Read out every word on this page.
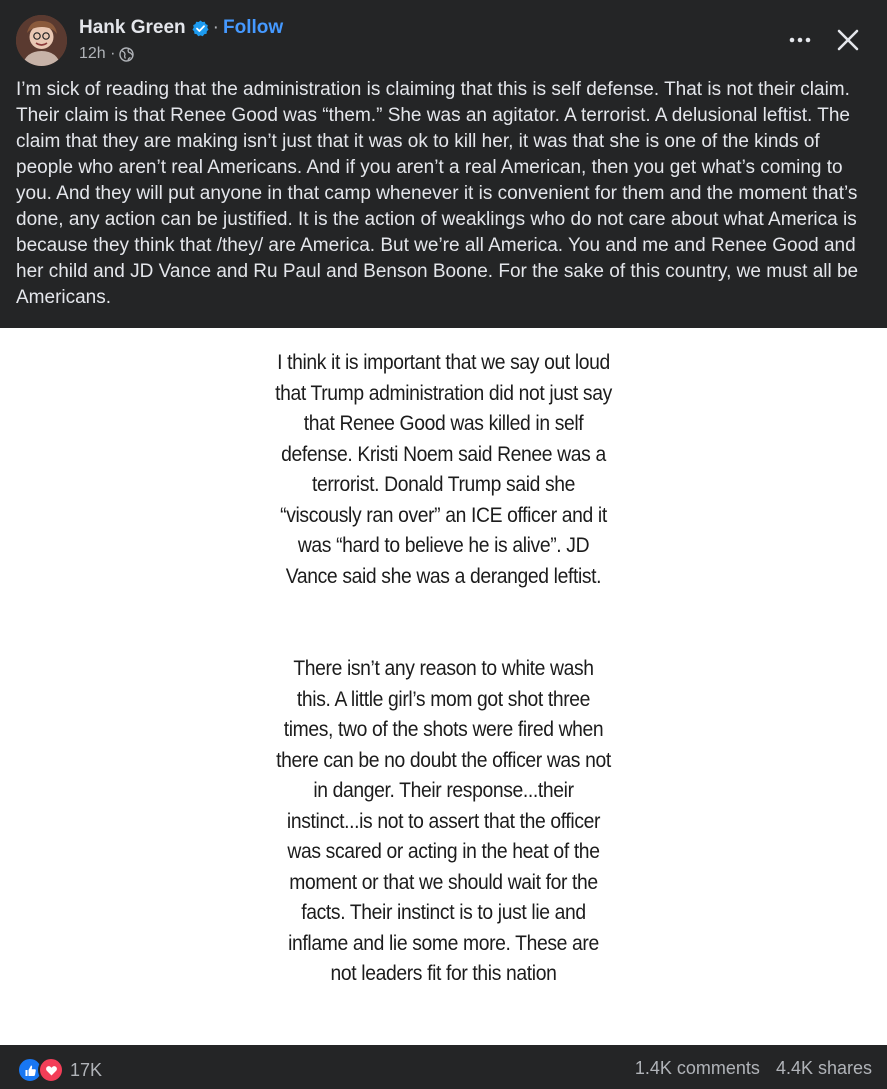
Hank Green · Follow
12h ·
I’m sick of reading that the administration is claiming that this is self defense. That is not their claim. Their claim is that Renee Good was “them.” She was an agitator. A terrorist. A delusional leftist. The claim that they are making isn’t just that it was ok to kill her, it was that she is one of the kinds of people who aren’t real Americans. And if you aren’t a real American, then you get what’s coming to you. And they will put anyone in that camp whenever it is convenient for them and the moment that’s done, any action can be justified. It is the action of weaklings who do not care about what America is because they think that /they/ are America. But we’re all America. You and me and Renee Good and her child and JD Vance and Ru Paul and Benson Boone. For the sake of this country, we must all be Americans.
I think it is important that we say out loud that Trump administration did not just say that Renee Good was killed in self defense. Kristi Noem said Renee was a terrorist. Donald Trump said she “viscously ran over” an ICE officer and it was “hard to believe he is alive”. JD Vance said she was a deranged leftist.
There isn’t any reason to white wash this. A little girl’s mom got shot three times, two of the shots were fired when there can be no doubt the officer was not in danger. Their response...their instinct...is not to assert that the officer was scared or acting in the heat of the moment or that we should wait for the facts. Their instinct is to just lie and inflame and lie some more. These are not leaders fit for this nation
17K	1.4K comments 4.4K shares
